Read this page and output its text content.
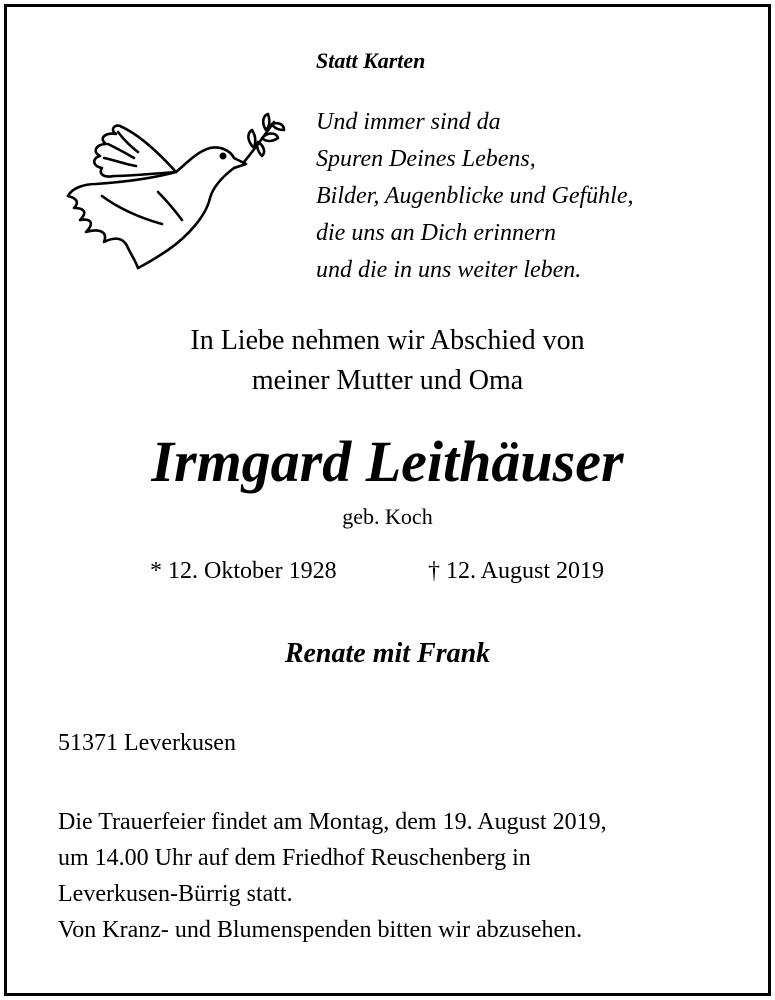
Statt Karten
Und immer sind da
Spuren Deines Lebens,
Bilder, Augenblicke und Gefühle,
die uns an Dich erinnern
und die in uns weiter leben.
In Liebe nehmen wir Abschied von
meiner Mutter und Oma
Irmgard Leithäuser
geb. Koch
* 12. Oktober 1928	† 12. August 2019
Renate mit Frank
51371 Leverkusen
Die Trauerfeier findet am Montag, dem 19. August 2019,
um 14.00 Uhr auf dem Friedhof Reuschenberg in
Leverkusen-Bürrig statt.
Von Kranz- und Blumenspenden bitten wir abzusehen.
